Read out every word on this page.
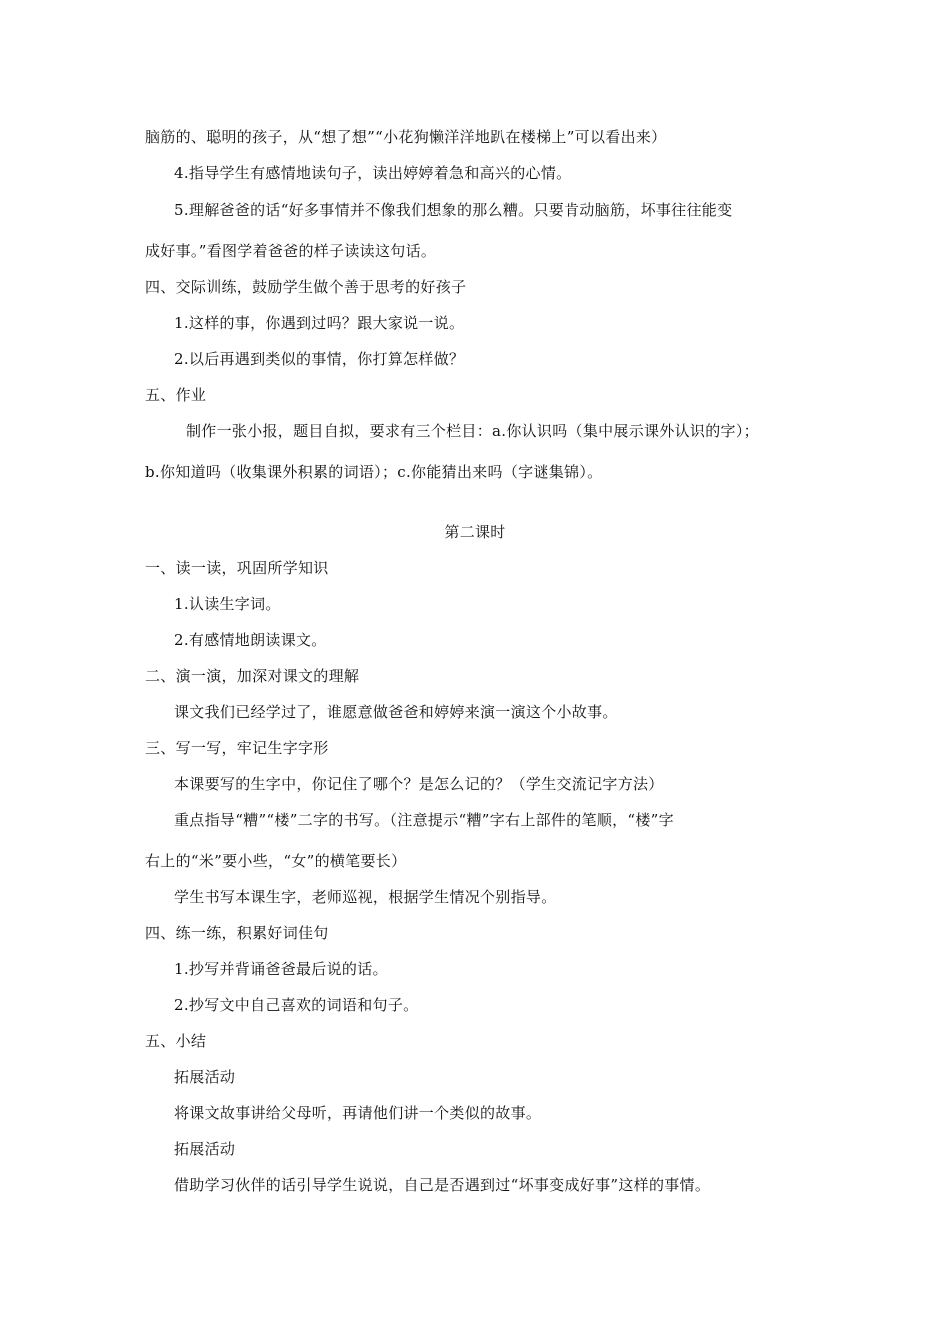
脑筋的、聪明的孩子，从“想了想”“小花狗懒洋洋地趴在楼梯上”可以看出来）
4.指导学生有感情地读句子，读出婷婷着急和高兴的心情。
5.理解爸爸的话“好多事情并不像我们想象的那么糟。只要肯动脑筋，坏事往往能变
成好事。”看图学着爸爸的样子读读这句话。
四、交际训练，鼓励学生做个善于思考的好孩子
1.这样的事，你遇到过吗？跟大家说一说。
2.以后再遇到类似的事情，你打算怎样做？
五、作业
制作一张小报，题目自拟，要求有三个栏目：a.你认识吗（集中展示课外认识的字）；
b.你知道吗（收集课外积累的词语）；c.你能猜出来吗（字谜集锦）。
第二课时
一、读一读，巩固所学知识
1.认读生字词。
2.有感情地朗读课文。
二、演一演，加深对课文的理解
课文我们已经学过了，谁愿意做爸爸和婷婷来演一演这个小故事。
三、写一写，牢记生字字形
本课要写的生字中，你记住了哪个？是怎么记的？（学生交流记字方法）
重点指导“糟”“楼”二字的书写。（注意提示“糟”字右上部件的笔顺，“楼”字
右上的“米”要小些，“女”的横笔要长）
学生书写本课生字，老师巡视，根据学生情况个别指导。
四、练一练，积累好词佳句
1.抄写并背诵爸爸最后说的话。
2.抄写文中自己喜欢的词语和句子。
五、小结
拓展活动
将课文故事讲给父母听，再请他们讲一个类似的故事。
拓展活动
借助学习伙伴的话引导学生说说，自己是否遇到过“坏事变成好事”这样的事情。
